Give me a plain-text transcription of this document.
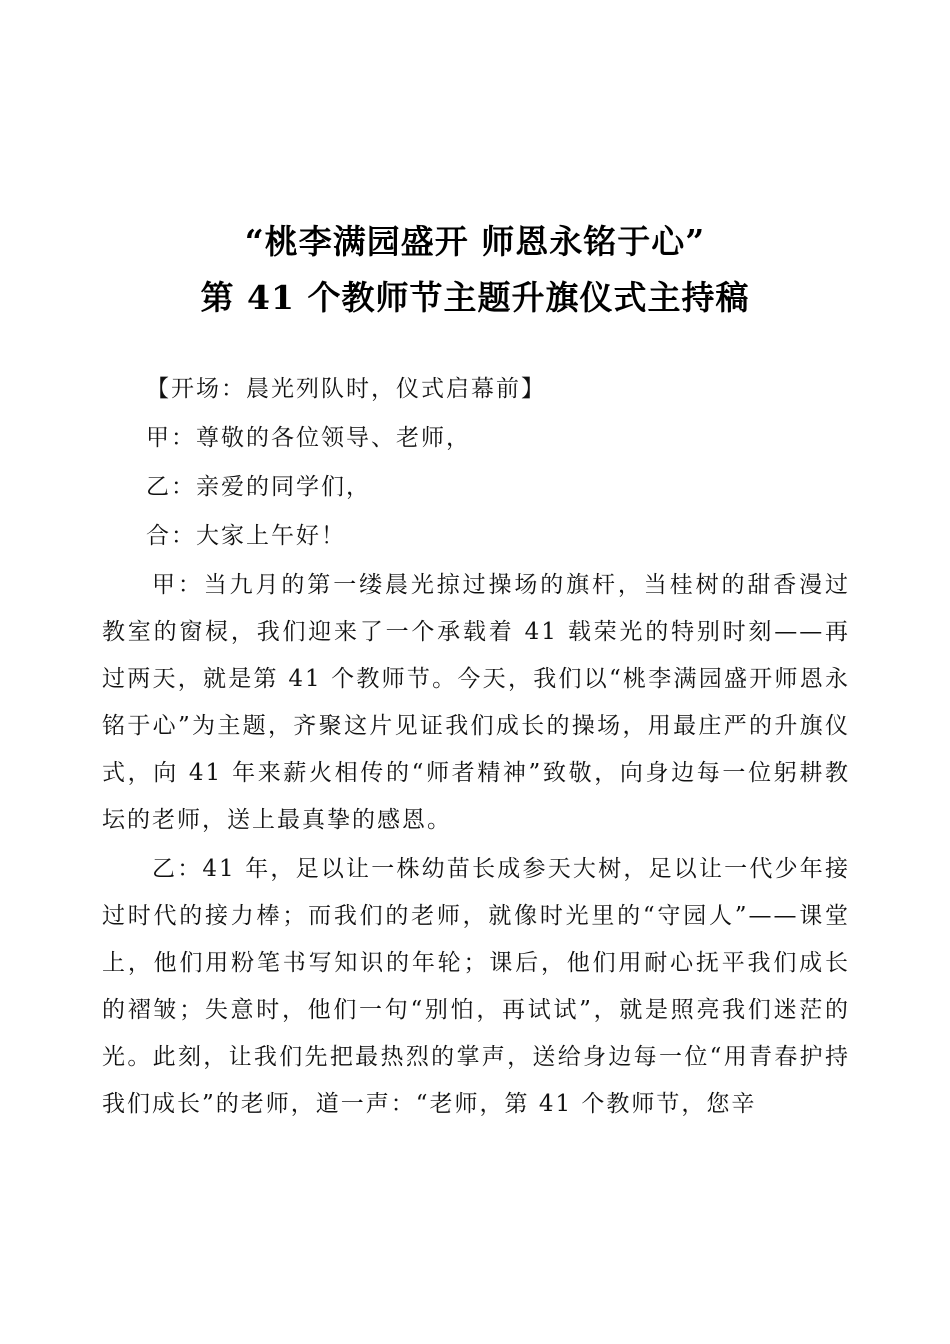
“桃李满园盛开 师恩永铭于心”
第 41 个教师节主题升旗仪式主持稿
【开场：晨光列队时，仪式启幕前】
甲：尊敬的各位领导、老师，
乙：亲爱的同学们，
合：大家上午好！

甲：当九月的第一缕晨光掠过操场的旗杆，当桂树的甜香漫过教室的窗棂，我们迎来了一个承载着 41 载荣光的特别时刻——再过两天，就是第 41 个教师节。今天，我们以“桃李满园盛开师恩永铭于心”为主题，齐聚这片见证我们成长的操场，用最庄严的升旗仪式，向 41 年来薪火相传的“师者精神”致敬，向身边每一位躬耕教坛的老师，送上最真挚的感恩。

乙：41 年，足以让一株幼苗长成参天大树，足以让一代少年接过时代的接力棒；而我们的老师，就像时光里的“守园人”——课堂上，他们用粉笔书写知识的年轮；课后，他们用耐心抚平我们成长的褶皱；失意时，他们一句“别怕，再试试”，就是照亮我们迷茫的光。此刻，让我们先把最热烈的掌声，送给身边每一位“用青春护持我们成长”的老师，道一声：“老师，第 41 个教师节，您辛
